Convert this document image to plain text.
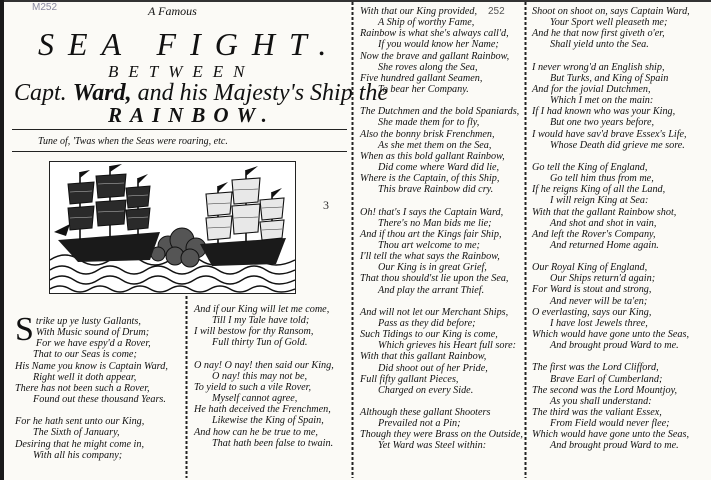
M252	252
A Famous
SEA FIGHT.
BETWEEN
Capt. Ward, and his Majesty's Ship the
RAINBOW.
Tune of, 'Twas when the Seas were roaring, etc.
3
S trike up ye lusty Gallants,
With Music sound of Drum;
For we have espy'd a Rover,
That to our Seas is come;
His Name you know is Captain Ward,
Right well it doth appear,
There has not been such a Rover,
Found out these thousand Years.
For he hath sent unto our King,
The Sixth of January,
Desiring that he might come in,
With all his company;
And if our King will let me come,
Till I my Tale have told;
I will bestow for thy Ransom,
Full thirty Tun of Gold.
O nay! O nay! then said our King,
O nay! this may not be,
To yield to such a vile Rover,
Myself cannot agree,
He hath deceived the Frenchmen,
Likewise the King of Spain,
And how can he be true to me,
That hath been false to twain.
With that our King provided,
A Ship of worthy Fame,
Rainbow is what she's always call'd,
If you would know her Name;
Now the brave and gallant Rainbow,
She roves along the Sea,
Five hundred gallant Seamen,
To bear her Company.
The Dutchmen and the bold Spaniards,
She made them for to fly,
Also the bonny brisk Frenchmen,
As she met them on the Sea,
When as this bold gallant Rainbow,
Did come where Ward did lie,
Where is the Captain, of this Ship,
This brave Rainbow did cry.
Oh! that's I says the Captain Ward,
There's no Man bids me lie;
And if thou art the Kings fair Ship,
Thou art welcome to me;
I'll tell the what says the Rainbow,
Our King is in great Grief,
That thou should'st lie upon the Sea,
And play the arrant Thief.
And will not let our Merchant Ships,
Pass as they did before;
Such Tidings to our King is come,
Which grieves his Heart full sore:
With that this gallant Rainbow,
Did shoot out of her Pride,
Full fifty gallant Pieces,
Charged on every Side.
Although these gallant Shooters
Prevailed not a Pin;
Though they were Brass on the Outside,
Yet Ward was Steel within:
Shoot on shoot on, says Captain Ward,
Your Sport well pleaseth me;
And he that now first giveth o'er,
Shall yield unto the Sea.
I never wrong'd an English ship,
But Turks, and King of Spain
And for the jovial Dutchmen,
Which I met on the main:
If I had known who was your King,
But one two years before,
I would have sav'd brave Essex's Life,
Whose Death did grieve me sore.
Go tell the King of England,
Go tell him thus from me,
If he reigns King of all the Land,
I will reign King at Sea:
With that the gallant Rainbow shot,
And shot and shot in vain,
And left the Rover's Company,
And returned Home again.
Our Royal King of England,
Our Ships return'd again;
For Ward is stout and strong,
And never will be ta'en;
O everlasting, says our King,
I have lost Jewels three,
Which would have gone unto the Seas,
And brought proud Ward to me.
The first was the Lord Clifford,
Brave Earl of Cumberland;
The second was the Lord Mountjoy,
As you shall understand:
The third was the valiant Essex,
From Field would never flee;
Which would have gone unto the Seas,
And brought proud Ward to me.
